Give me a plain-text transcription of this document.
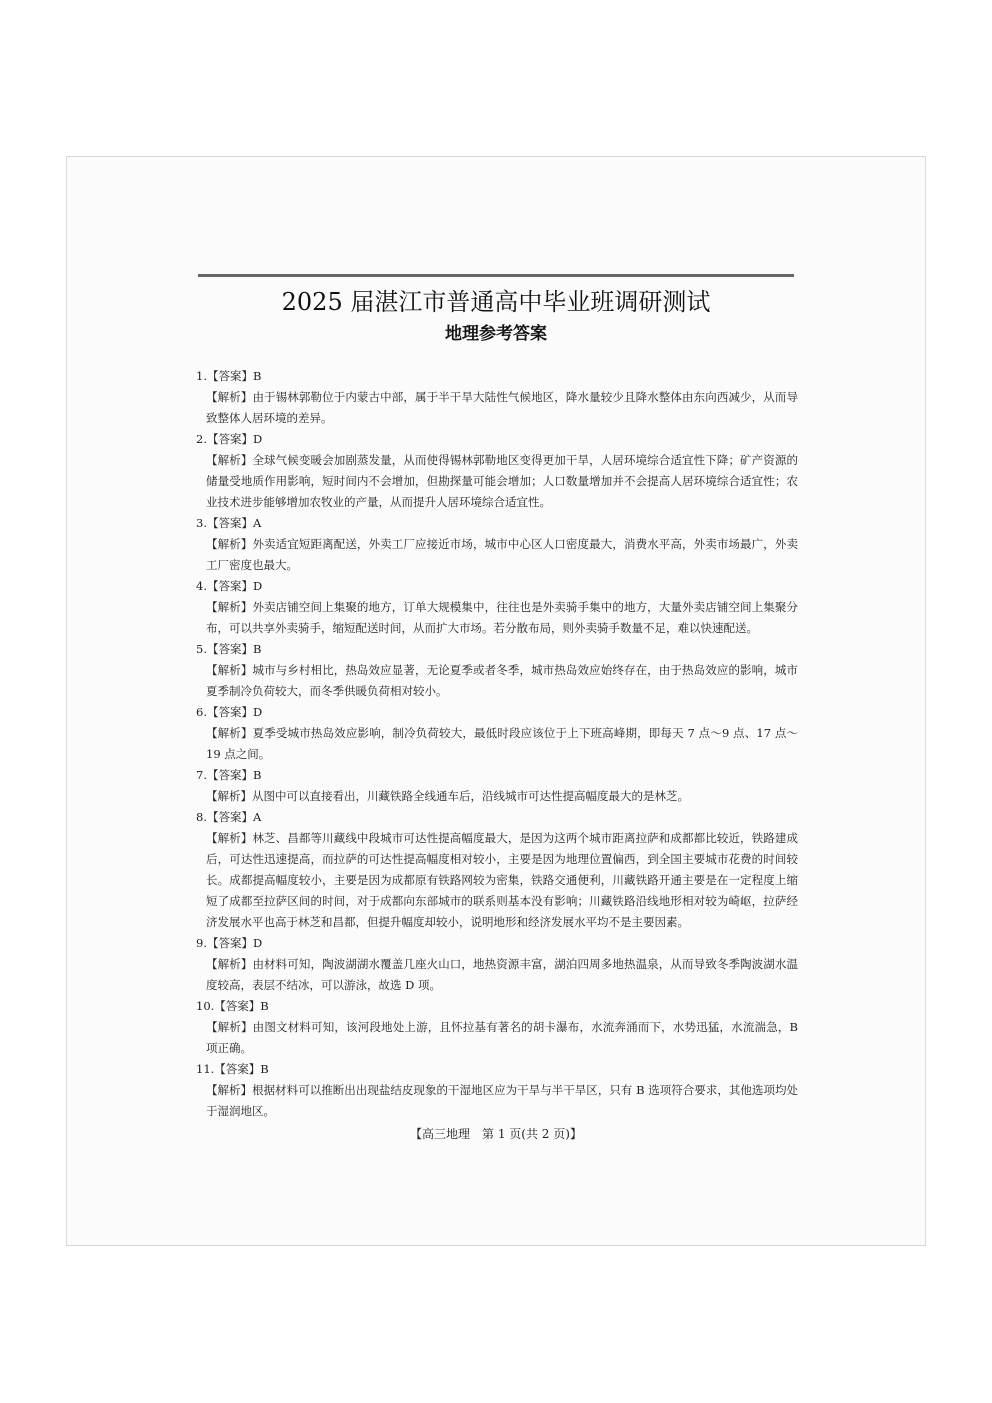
2025 届湛江市普通高中毕业班调研测试
地理参考答案
1.【答案】B
【解析】由于锡林郭勒位于内蒙古中部，属于半干旱大陆性气候地区，降水量较少且降水整体由东向西减少，从而导致整体人居环境的差异。
2.【答案】D
【解析】全球气候变暖会加剧蒸发量，从而使得锡林郭勒地区变得更加干旱，人居环境综合适宜性下降；矿产资源的储量受地质作用影响，短时间内不会增加，但勘探量可能会增加；人口数量增加并不会提高人居环境综合适宜性；农业技术进步能够增加农牧业的产量，从而提升人居环境综合适宜性。
3.【答案】A
【解析】外卖适宜短距离配送，外卖工厂应接近市场，城市中心区人口密度最大，消费水平高，外卖市场最广，外卖工厂密度也最大。
4.【答案】D
【解析】外卖店铺空间上集聚的地方，订单大规模集中，往往也是外卖骑手集中的地方，大量外卖店铺空间上集聚分布，可以共享外卖骑手，缩短配送时间，从而扩大市场。若分散布局，则外卖骑手数量不足，难以快速配送。
5.【答案】B
【解析】城市与乡村相比，热岛效应显著，无论夏季或者冬季，城市热岛效应始终存在，由于热岛效应的影响，城市夏季制冷负荷较大，而冬季供暖负荷相对较小。
6.【答案】D
【解析】夏季受城市热岛效应影响，制冷负荷较大，最低时段应该位于上下班高峰期，即每天 7 点～9 点、17 点～19 点之间。
7.【答案】B
【解析】从图中可以直接看出，川藏铁路全线通车后，沿线城市可达性提高幅度最大的是林芝。
8.【答案】A
【解析】林芝、昌都等川藏线中段城市可达性提高幅度最大，是因为这两个城市距离拉萨和成都都比较近，铁路建成后，可达性迅速提高，而拉萨的可达性提高幅度相对较小，主要是因为地理位置偏西，到全国主要城市花费的时间较长。成都提高幅度较小，主要是因为成都原有铁路网较为密集，铁路交通便利，川藏铁路开通主要是在一定程度上缩短了成都至拉萨区间的时间，对于成都向东部城市的联系则基本没有影响；川藏铁路沿线地形相对较为崎岖，拉萨经济发展水平也高于林芝和昌都，但提升幅度却较小，说明地形和经济发展水平均不是主要因素。
9.【答案】D
【解析】由材料可知，陶波湖湖水覆盖几座火山口，地热资源丰富，湖泊四周多地热温泉，从而导致冬季陶波湖水温度较高，表层不结冰，可以游泳，故选 D 项。
10.【答案】B
【解析】由图文材料可知，该河段地处上游，且怀拉基有著名的胡卡瀑布，水流奔涌而下，水势迅猛，水流湍急，B 项正确。
11.【答案】B
【解析】根据材料可以推断出出现盐结皮现象的干湿地区应为干旱与半干旱区，只有 B 选项符合要求，其他选项均处于湿润地区。
【高三地理　第 1 页(共 2 页)】
